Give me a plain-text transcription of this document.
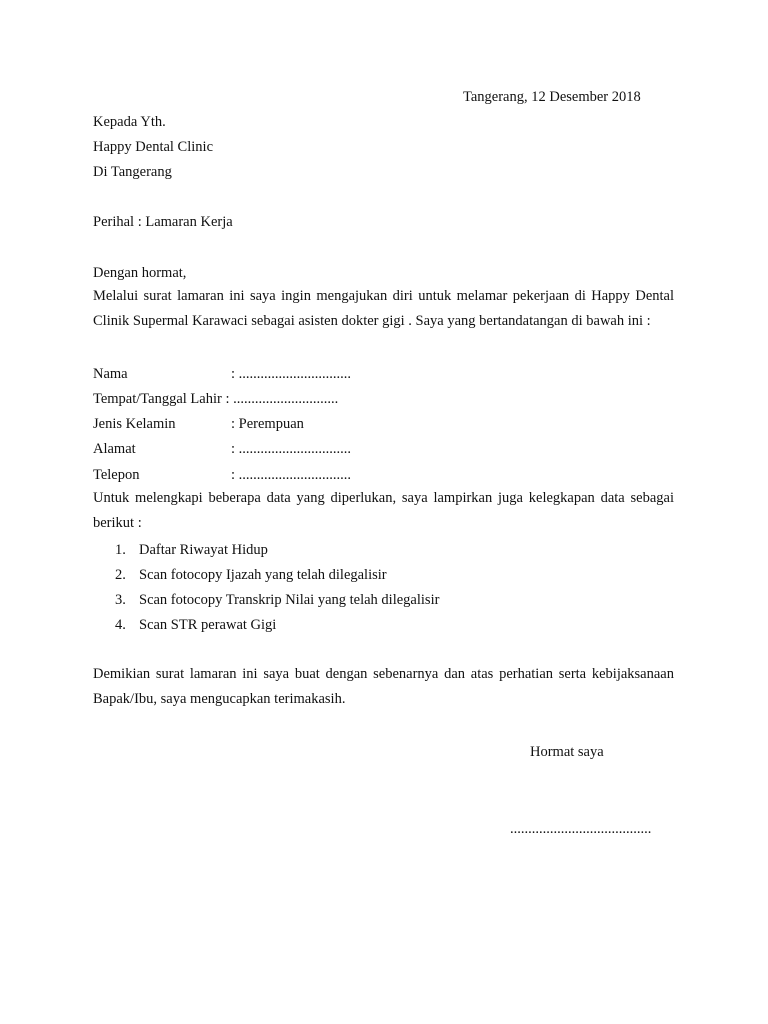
Tangerang, 12 Desember 2018
Kepada Yth.
Happy Dental Clinic
Di Tangerang
Perihal : Lamaran Kerja
Dengan hormat,
Melalui surat lamaran ini saya ingin mengajukan diri untuk melamar pekerjaan di Happy Dental Clinik Supermal Karawaci sebagai asisten dokter gigi . Saya yang bertandatangan di bawah ini :
Nama	: ...............................
Tempat/Tanggal Lahir : .............................
Jenis Kelamin	: Perempuan
Alamat	: ...............................
Telepon	: ...............................
Untuk melengkapi beberapa data yang diperlukan, saya lampirkan juga kelegkapan data sebagai berikut :
1. Daftar Riwayat Hidup
2. Scan fotocopy Ijazah yang telah dilegalisir
3. Scan fotocopy Transkrip Nilai yang telah dilegalisir
4. Scan STR perawat Gigi
Demikian surat lamaran ini saya buat dengan sebenarnya dan atas perhatian serta kebijaksanaan Bapak/Ibu, saya mengucapkan terimakasih.
Hormat saya
.......................................
